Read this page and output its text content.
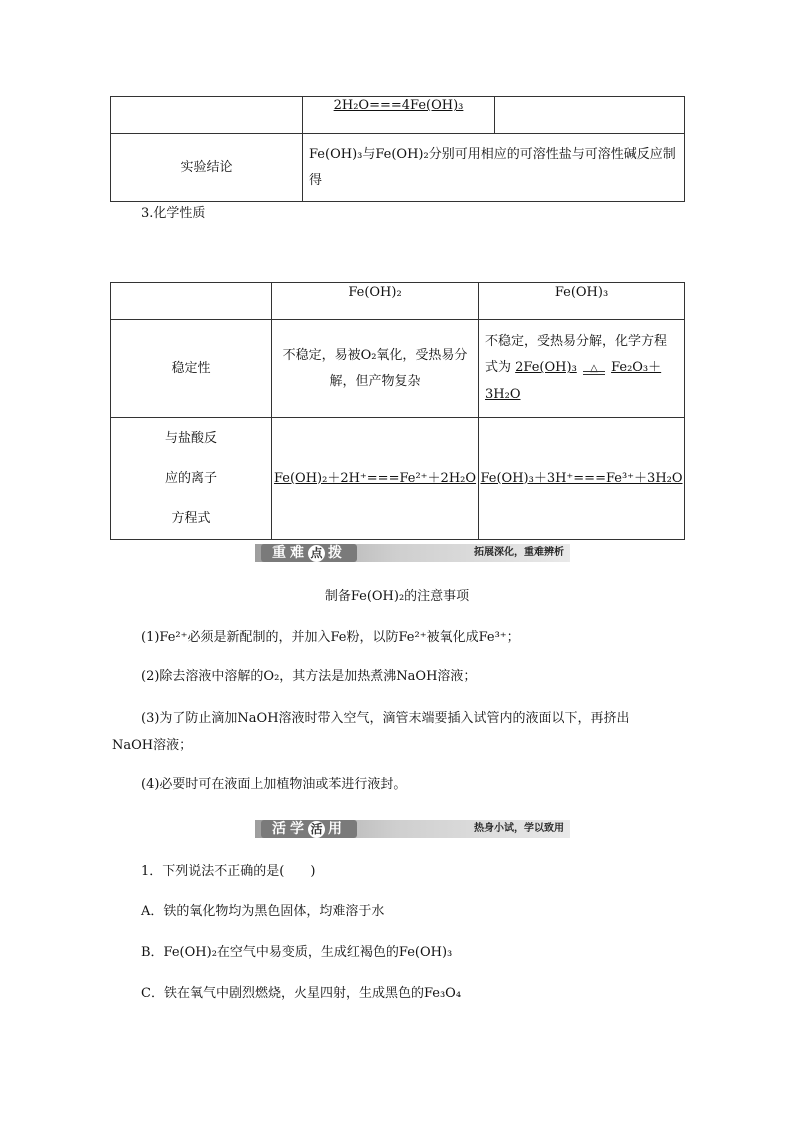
	2H₂O===4Fe(OH)₃	
实验结论	Fe(OH)₃与Fe(OH)₂分别可用相应的可溶性盐与可溶性碱反应制得	
3.化学性质
	Fe(OH)₂	Fe(OH)₃
稳定性	不稳定，易被O₂氧化，受热易分解，但产物复杂	不稳定，受热易分解，化学方程式为 2Fe(OH)₃ △ Fe₂O₃＋
3H₂O
与盐酸反
应的离子
方程式	Fe(OH)₂＋2H⁺===Fe²⁺＋2H₂O	Fe(OH)₃＋3H⁺===Fe³⁺＋3H₂O
重难 点 拨	拓展深化，重难辨析
制备Fe(OH)₂的注意事项
(1)Fe²⁺必须是新配制的，并加入Fe粉，以防Fe²⁺被氧化成Fe³⁺；
(2)除去溶液中溶解的O₂，其方法是加热煮沸NaOH溶液；
(3)为了防止滴加NaOH溶液时带入空气，滴管末端要插入试管内的液面以下，再挤出
NaOH溶液；
(4)必要时可在液面上加植物油或苯进行液封。
活学 活 用	热身小试，学以致用
1．下列说法不正确的是(　　)
A．铁的氧化物均为黑色固体，均难溶于水
B．Fe(OH)₂在空气中易变质，生成红褐色的Fe(OH)₃
C．铁在氧气中剧烈燃烧，火星四射，生成黑色的Fe₃O₄
